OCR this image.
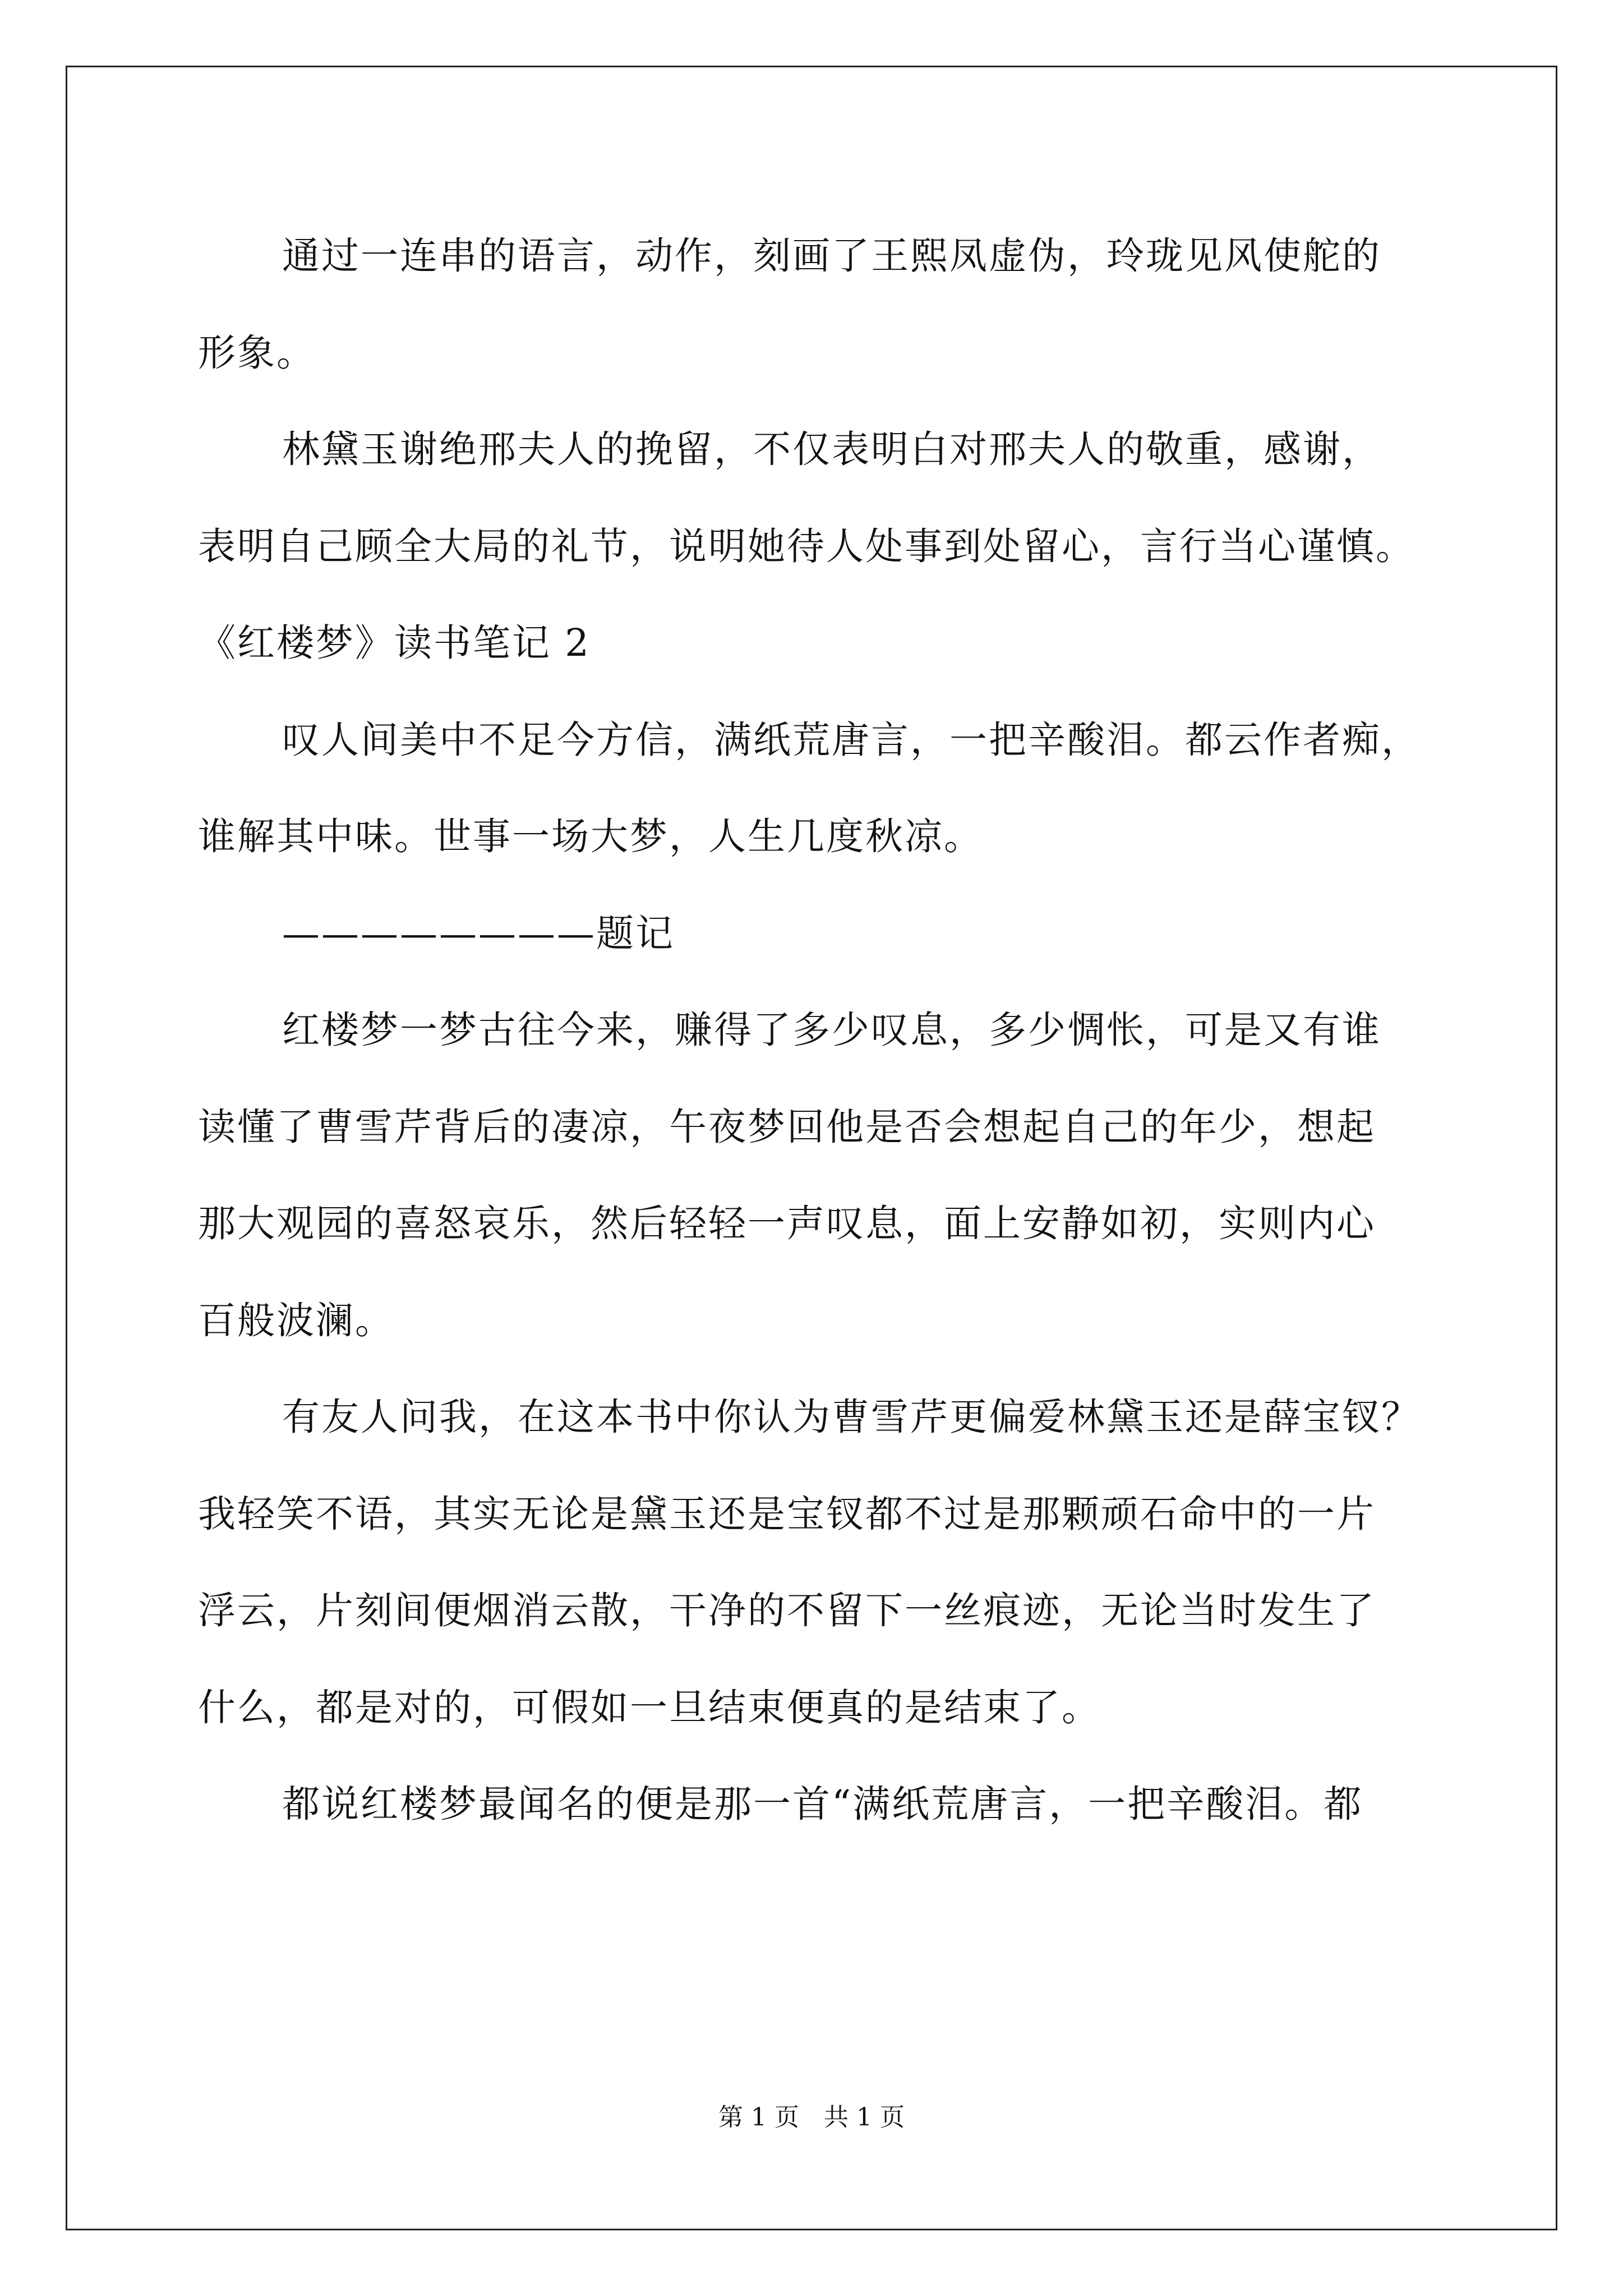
通过一连串的语言，动作，刻画了王熙凤虚伪，玲珑见风使舵的
形象。
林黛玉谢绝邢夫人的挽留，不仅表明白对邢夫人的敬重，感谢，
表明自己顾全大局的礼节，说明她待人处事到处留心，言行当心谨慎。
《红楼梦》读书笔记 2
叹人间美中不足今方信，满纸荒唐言，一把辛酸泪。都云作者痴，
谁解其中味。世事一场大梦，人生几度秋凉。
————————题记
红楼梦一梦古往今来，赚得了多少叹息，多少惆怅，可是又有谁
读懂了曹雪芹背后的凄凉，午夜梦回他是否会想起自己的年少，想起
那大观园的喜怒哀乐，然后轻轻一声叹息，面上安静如初，实则内心
百般波澜。
有友人问我，在这本书中你认为曹雪芹更偏爱林黛玉还是薛宝钗？
我轻笑不语，其实无论是黛玉还是宝钗都不过是那颗顽石命中的一片
浮云，片刻间便烟消云散，干净的不留下一丝痕迹，无论当时发生了
什么，都是对的，可假如一旦结束便真的是结束了。
都说红楼梦最闻名的便是那一首“满纸荒唐言，一把辛酸泪。都
第 1 页　共 1 页
